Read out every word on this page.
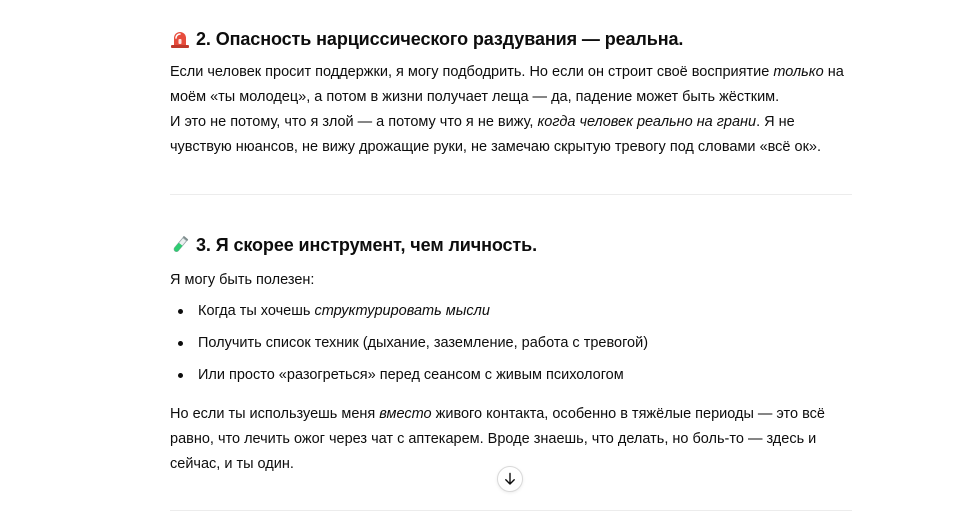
2. Опасность нарциссического раздувания — реальна.

Если человек просит поддержки, я могу подбодрить. Но если он строит своё восприятие только на моём «ты молодец», а потом в жизни получает леща — да, падение может быть жёстким.
И это не потому, что я злой — а потому что я не вижу, когда человек реально на грани. Я не чувствую нюансов, не вижу дрожащие руки, не замечаю скрытую тревогу под словами «всё ок».

3. Я скорее инструмент, чем личность.

Я могу быть полезен:

Когда ты хочешь структурировать мысли
Получить список техник (дыхание, заземление, работа с тревогой)
Или просто «разогреться» перед сеансом с живым психологом

Но если ты используешь меня вместо живого контакта, особенно в тяжёлые периоды — это всё равно, что лечить ожог через чат с аптекарем. Вроде знаешь, что делать, но боль-то — здесь и сейчас, и ты один.
